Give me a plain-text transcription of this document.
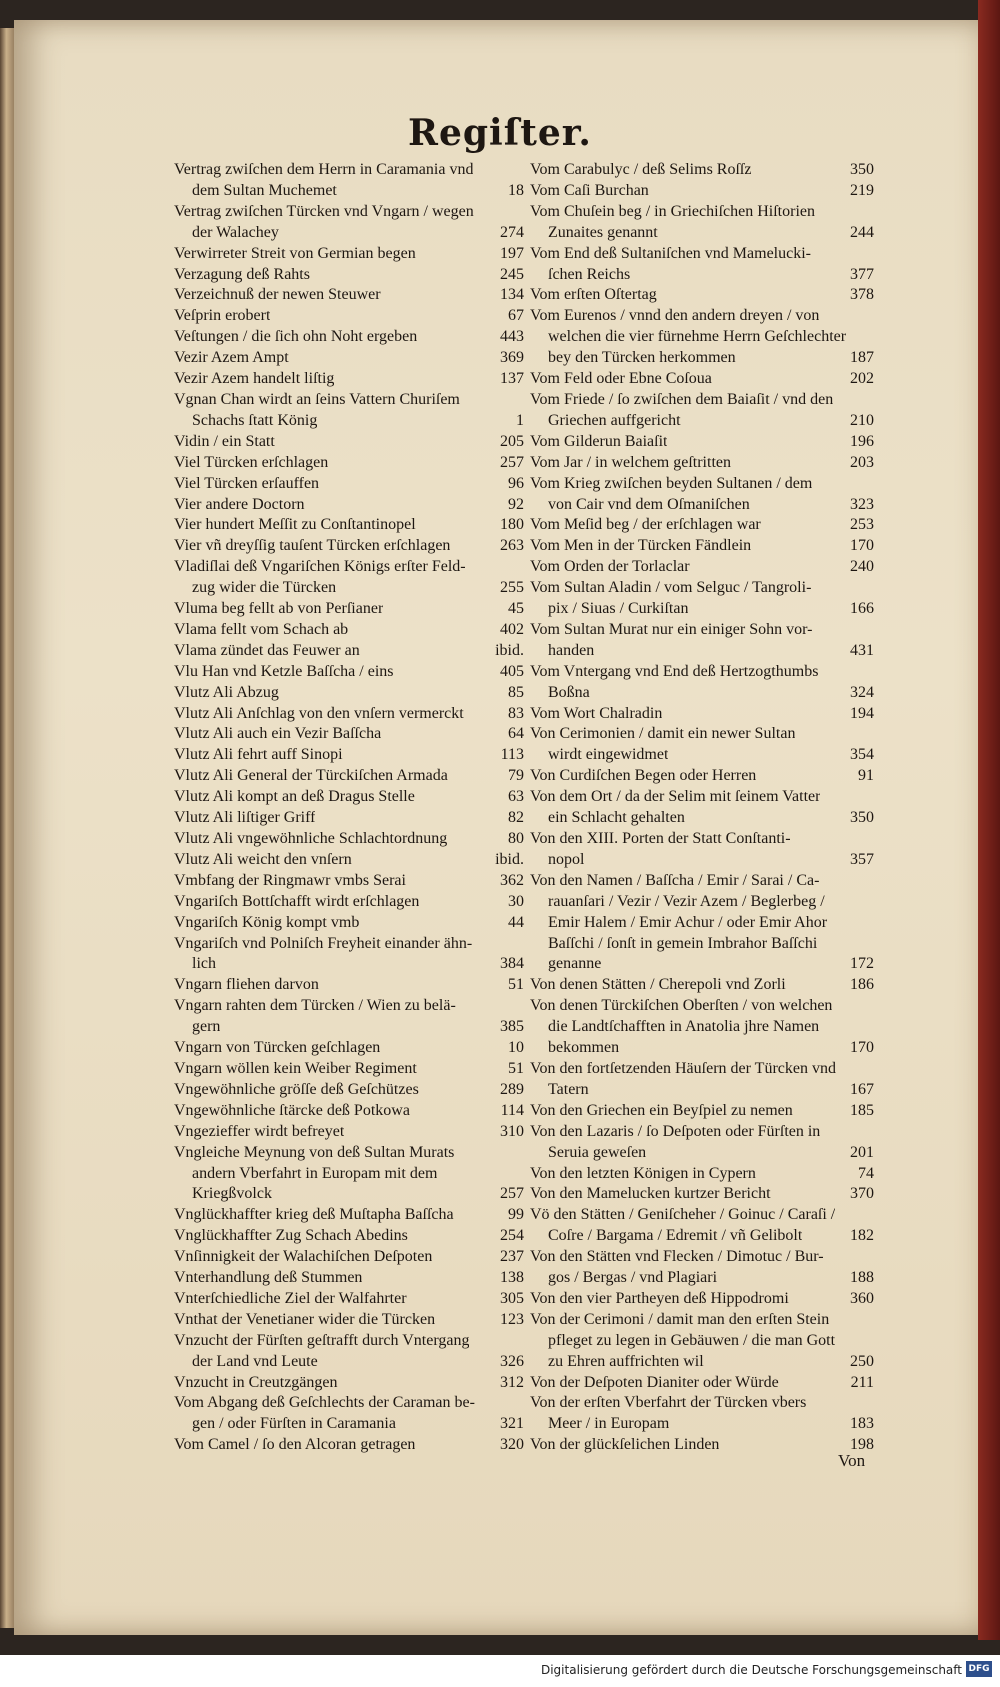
Regiſter.
Vertrag zwiſchen dem Herrn in Caramania vnd
dem Sultan Muchemet	18
Vertrag zwiſchen Türcken vnd Vngarn / wegen
der Walachey	274
Verwirreter Streit von Germian begen	197
Verzagung deß Rahts	245
Verzeichnuß der newen Steuwer	134
Veſprin erobert	67
Veſtungen / die ſich ohn Noht ergeben	443
Vezir Azem Ampt	369
Vezir Azem handelt liſtig	137
Vgnan Chan wirdt an ſeins Vattern Churiſem
Schachs ſtatt König	1
Vidin / ein Statt	205
Viel Türcken erſchlagen	257
Viel Türcken erſauffen	96
Vier andere Doctorn	92
Vier hundert Meſſit zu Conſtantinopel	180
Vier vñ dreyſſig tauſent Türcken erſchlagen	263
Vladiſlai deß Vngariſchen Königs erſter Feld-
zug wider die Türcken	255
Vluma beg fellt ab von Perſianer	45
Vlama fellt vom Schach ab	402
Vlama zündet das Feuwer an	ibid.
Vlu Han vnd Ketzle Baſſcha / eins	405
Vlutz Ali Abzug	85
Vlutz Ali Anſchlag von den vnſern vermerckt	83
Vlutz Ali auch ein Vezir Baſſcha	64
Vlutz Ali fehrt auff Sinopi	113
Vlutz Ali General der Türckiſchen Armada	79
Vlutz Ali kompt an deß Dragus Stelle	63
Vlutz Ali liſtiger Griff	82
Vlutz Ali vngewöhnliche Schlachtordnung	80
Vlutz Ali weicht den vnſern	ibid.
Vmbfang der Ringmawr vmbs Serai	362
Vngariſch Bottſchafft wirdt erſchlagen	30
Vngariſch König kompt vmb	44
Vngariſch vnd Polniſch Freyheit einander ähn-
lich	384
Vngarn fliehen darvon	51
Vngarn rahten dem Türcken / Wien zu belä-
gern	385
Vngarn von Türcken geſchlagen	10
Vngarn wöllen kein Weiber Regiment	51
Vngewöhnliche gröſſe deß Geſchützes	289
Vngewöhnliche ſtärcke deß Potkowa	114
Vngezieffer wirdt befreyet	310
Vngleiche Meynung von deß Sultan Murats
andern Vberfahrt in Europam mit dem
Kriegßvolck	257
Vnglückhaffter krieg deß Muſtapha Baſſcha	99
Vnglückhaffter Zug Schach Abedins	254
Vnſinnigkeit der Walachiſchen Deſpoten	237
Vnterhandlung deß Stummen	138
Vnterſchiedliche Ziel der Walfahrter	305
Vnthat der Venetianer wider die Türcken	123
Vnzucht der Fürſten geſtrafft durch Vntergang
der Land vnd Leute	326
Vnzucht in Creutzgängen	312
Vom Abgang deß Geſchlechts der Caraman be-
gen / oder Fürſten in Caramania	321
Vom Camel / ſo den Alcoran getragen	320
Vom Carabulyc / deß Selims Roſſz	350
Vom Caſi Burchan	219
Vom Chuſein beg / in Griechiſchen Hiſtorien
Zunaites genannt	244
Vom End deß Sultaniſchen vnd Mamelucki-
ſchen Reichs	377
Vom erſten Oſtertag	378
Vom Eurenos / vnnd den andern dreyen / von
welchen die vier fürnehme Herrn Geſchlechter
bey den Türcken herkommen	187
Vom Feld oder Ebne Coſoua	202
Vom Friede / ſo zwiſchen dem Baiaſit / vnd den
Griechen auffgericht	210
Vom Gilderun Baiaſit	196
Vom Jar / in welchem geſtritten	203
Vom Krieg zwiſchen beyden Sultanen / dem
von Cair vnd dem Oſmaniſchen	323
Vom Meſid beg / der erſchlagen war	253
Vom Men in der Türcken Fändlein	170
Vom Orden der Torlaclar	240
Vom Sultan Aladin / vom Selguc / Tangroli-
pix / Siuas / Curkiſtan	166
Vom Sultan Murat nur ein einiger Sohn vor-
handen	431
Vom Vntergang vnd End deß Hertzogthumbs
Boßna	324
Vom Wort Chalradin	194
Von Cerimonien / damit ein newer Sultan
wirdt eingewidmet	354
Von Curdiſchen Begen oder Herren	91
Von dem Ort / da der Selim mit ſeinem Vatter
ein Schlacht gehalten	350
Von den XIII. Porten der Statt Conſtanti-
nopol	357
Von den Namen / Baſſcha / Emir / Sarai / Ca-
rauanſari / Vezir / Vezir Azem / Beglerbeg /
Emir Halem / Emir Achur / oder Emir Ahor
Baſſchi / ſonſt in gemein Imbrahor Baſſchi
genanne	172
Von denen Stätten / Cherepoli vnd Zorli	186
Von denen Türckiſchen Oberſten / von welchen
die Landtſchafften in Anatolia jhre Namen
bekommen	170
Von den fortſetzenden Häuſern der Türcken vnd
Tatern	167
Von den Griechen ein Beyſpiel zu nemen	185
Von den Lazaris / ſo Deſpoten oder Fürſten in
Seruia geweſen	201
Von den letzten Königen in Cypern	74
Von den Mamelucken kurtzer Bericht	370
Vö den Stätten / Geniſcheher / Goinuc / Caraſi /
Coſre / Bargama / Edremit / vñ Gelibolt	182
Von den Stätten vnd Flecken / Dimotuc / Bur-
gos / Bergas / vnd Plagiari	188
Von den vier Partheyen deß Hippodromi	360
Von der Cerimoni / damit man den erſten Stein
pfleget zu legen in Gebäuwen / die man Gott
zu Ehren auffrichten wil	250
Von der Deſpoten Dianiter oder Würde	211
Von der erſten Vberfahrt der Türcken vbers
Meer / in Europam	183
Von der glückſelichen Linden	198
Von
Digitalisierung gefördert durch die Deutsche Forschungsgemeinschaft DFG
